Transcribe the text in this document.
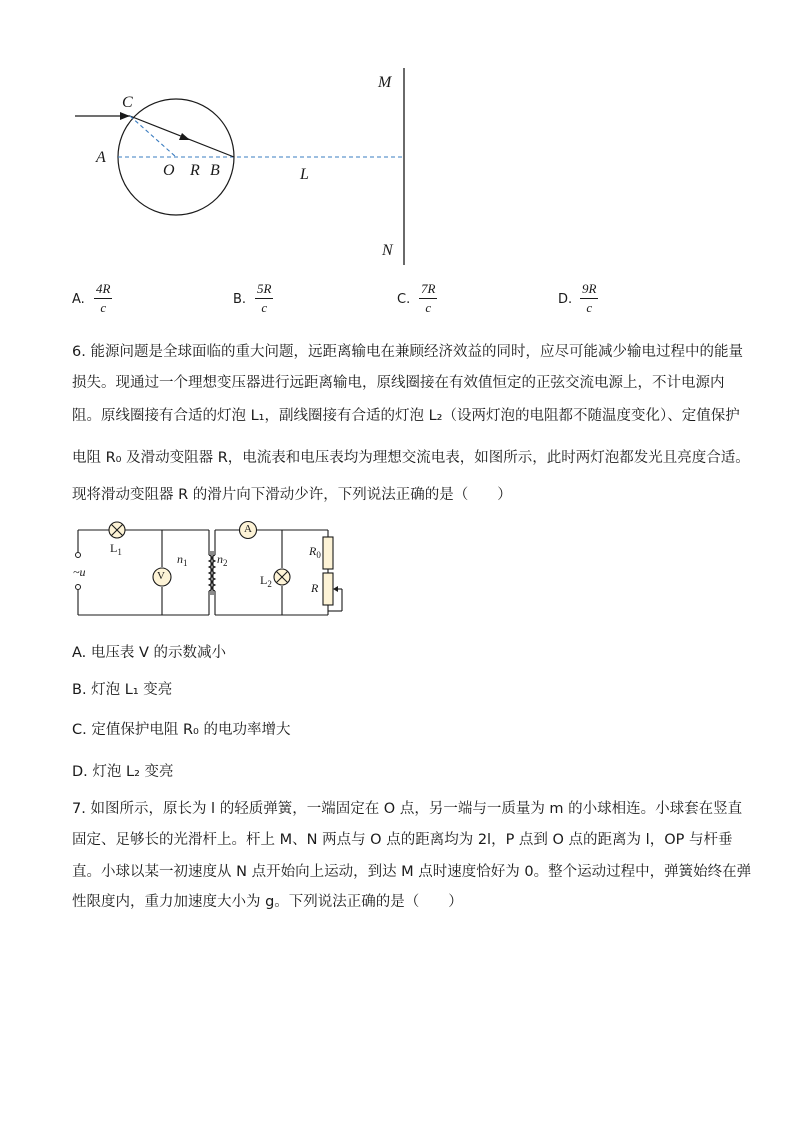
M
N
C
A
O R B	L
A. $\frac{4R}{c}$	B. $\frac{5R}{c}$	C. $\frac{7R}{c}$	D. $\frac{9R}{c}$
6. 能源问题是全球面临的重大问题，远距离输电在兼顾经济效益的同时，应尽可能减少输电过程中的能量
损失。现通过一个理想变压器进行远距离输电，原线圈接在有效值恒定的正弦交流电源上，不计电源内
阻。原线圈接有合适的灯泡 L₁，副线圈接有合适的灯泡 L₂（设两灯泡的电阻都不随温度变化）、定值保护
电阻 R₀ 及滑动变阻器 R，电流表和电压表均为理想交流电表，如图所示，此时两灯泡都发光且亮度合适。
现将滑动变阻器 R 的滑片向下滑动少许，下列说法正确的是（　　）
$L_1$
V
A
$n_1$ $n_2$
~u
$L_2$
$R_0$
R
A. 电压表 V 的示数减小
B. 灯泡 L₁ 变亮
C. 定值保护电阻 R₀ 的电功率增大
D. 灯泡 L₂ 变亮
7. 如图所示，原长为 l 的轻质弹簧，一端固定在 O 点，另一端与一质量为 m 的小球相连。小球套在竖直
固定、足够长的光滑杆上。杆上 M、N 两点与 O 点的距离均为 2l，P 点到 O 点的距离为 l，OP 与杆垂
直。小球以某一初速度从 N 点开始向上运动，到达 M 点时速度恰好为 0。整个运动过程中，弹簧始终在弹
性限度内，重力加速度大小为 g。下列说法正确的是（　　）
